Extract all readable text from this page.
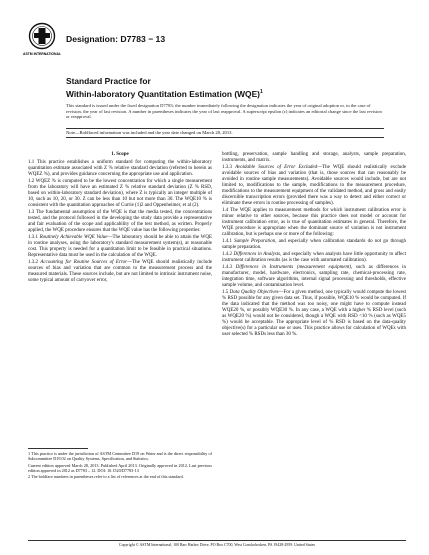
ASTM INTERNATIONAL
Designation: D7783 − 13
Standard Practice for
Within-laboratory Quantitation Estimation (WQE)$^1$
This standard is issued under the fixed designation D7783; the number immediately following the designation indicates the year of original adoption or, in the case of revision, the year of last revision. A number in parentheses indicates the year of last reapproval. A superscript epsilon (ε) indicates an editorial change since the last revision or reapproval.
Note—Boldfaced information was included and the year date changed on March 28, 2013.

1. Scope

1.1 This practice establishes a uniform standard for computing the within-laboratory quantitation estimate associated with Z % relative standard deviation (referred to herein as WQEZ %), and provides guidance concerning the appropriate use and application.

1.2 WQEZ % is computed to be the lowest concentration for which a single measurement from the laboratory will have an estimated Z % relative standard deviation (Z % RSD, based on within-laboratory standard deviation), where Z is typically an integer multiple of 10, such as 10, 20, or 30. Z can be less than 10 but not more than 30. The WQE10 % is consistent with the quantitation approaches of Currie (1)2 and Oppenheimer, et al (2).

1.3 The fundamental assumption of the WQE is that the media tested, the concentrations tested, and the protocol followed in the developing the study data provide a representative and fair evaluation of the scope and applicability of the test method, as written. Properly applied, the WQE procedure ensures that the WQE value has the following properties:

1.3.1 Routinely Achievable WQE Value—The laboratory should be able to attain the WQE in routine analyses, using the laboratory's standard measurement system(s), at reasonable cost. This property is needed for a quantitation limit to be feasible in practical situations. Representative data must be used in the calculation of the WQE.

1.3.2 Accounting for Routine Sources of Error—The WQE should realistically include sources of bias and variation that are common to the measurement process and the measured materials. These sources include, but are not limited to intrinsic instrument noise, some typical amount of carryover error,

bottling, preservation, sample handling and storage, analysts, sample preparation, instruments, and matrix.

1.3.3 Avoidable Sources of Error Excluded—The WQE should realistically exclude avoidable sources of bias and variation (that is, those sources that can reasonably be avoided in routine sample measurements). Avoidable sources would include, but are not limited to, modifications to the sample, modifications to the measurement procedure, modifications to the measurement equipment of the validated method, and gross and easily discernible transcription errors (provided there was a way to detect and either correct or eliminate these errors in routine processing of samples).

1.4 The WQE applies to measurement methods for which instrument calibration error is minor relative to other sources, because this practice does not model or account for instrument calibration error, as is true of quantitation estimates in general. Therefore, the WQE procedure is appropriate when the dominant source of variation is not instrument calibration, but is perhaps one or more of the following:

1.4.1 Sample Preparation, and especially when calibration standards do not go through sample preparation.

1.4.2 Differences in Analysts, and especially when analysts have little opportunity to affect instrument calibration results (as is the case with automated calibration).

1.4.3 Differences in Instruments (measurement equipment), such as differences in manufacturer, model, hardware, electronics, sampling rate, chemical-processing rate, integration time, software algorithms, internal signal processing and thresholds, effective sample volume, and contamination level.

1.5 Data Quality Objectives—For a given method, one typically would compute the lowest % RSD possible for any given data set. Thus, if possible, WQE10 % would be computed. If the data indicated that the method was too noisy, one might have to compute instead WQE20 %, or possibly WQE30 %. In any case, a WQE with a higher % RSD level (such as WQE20 %) would not be considered, though a WQE with RSD <10 % (such as WQE5 %) would be acceptable. The appropriate level of % RSD is based on the data-quality objective(s) for a particular use or uses. This practice allows for calculation of WQEs with user selected % RSDs less than 30 %.

1 This practice is under the jurisdiction of ASTM Committee D19 on Water and is the direct responsibility of Subcommittee D19.02 on Quality Systems, Specification, and Statistics.

Current edition approved March 28, 2013. Published April 2013. Originally approved in 2012. Last previous edition approved in 2012 as D7783 – 12. DOI: 10.1520/D7783-13

2 The boldface numbers in parentheses refer to a list of references at the end of this standard.

Copyright © ASTM International, 100 Barr Harbor Drive, PO Box C700, West Conshohocken, PA 19428-2959. United States
